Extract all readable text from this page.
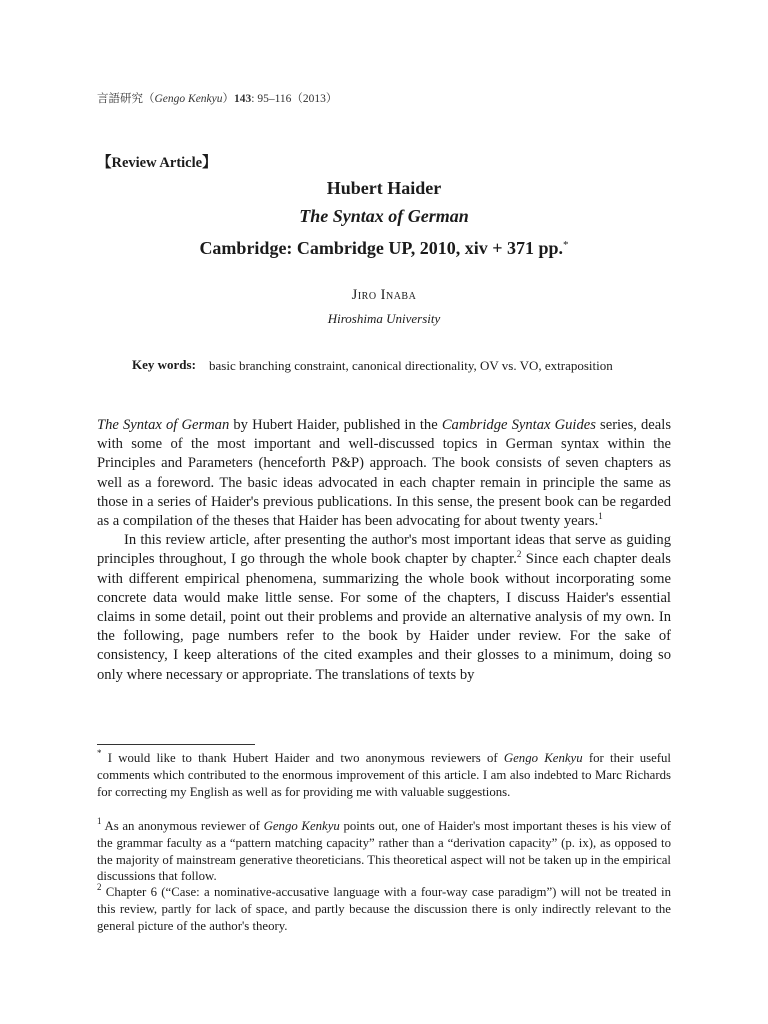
言語研究（Gengo Kenkyu）143: 95–116（2013）
【Review Article】
Hubert Haider
The Syntax of German
Cambridge: Cambridge UP, 2010, xiv + 371 pp.*
Jiro Inaba
Hiroshima University
Key words: basic branching constraint, canonical directionality, OV vs. VO, extraposition

The Syntax of German by Hubert Haider, published in the Cambridge Syntax Guides series, deals with some of the most important and well-discussed topics in German syntax within the Principles and Parameters (henceforth P&P) approach. The book consists of seven chapters as well as a foreword. The basic ideas advocated in each chapter remain in principle the same as those in a series of Haider's previous publications. In this sense, the present book can be regarded as a compilation of the theses that Haider has been advocating for about twenty years.$^1$

In this review article, after presenting the author's most important ideas that serve as guiding principles throughout, I go through the whole book chapter by chapter.$^2$ Since each chapter deals with different empirical phenomena, summarizing the whole book without incorporating some concrete data would make little sense. For some of the chapters, I discuss Haider's essential claims in some detail, point out their problems and provide an alternative analysis of my own. In the following, page numbers refer to the book by Haider under review. For the sake of consistency, I keep alterations of the cited examples and their glosses to a minimum, doing so only where necessary or appropriate. The translations of texts by

* I would like to thank Hubert Haider and two anonymous reviewers of Gengo Kenkyu for their useful comments which contributed to the enormous improvement of this article. I am also indebted to Marc Richards for correcting my English as well as for providing me with valuable suggestions.
$^1$ As an anonymous reviewer of Gengo Kenkyu points out, one of Haider's most important theses is his view of the grammar faculty as a “pattern matching capacity” rather than a “derivation capacity” (p. ix), as opposed to the majority of mainstream generative theoreticians. This theoretical aspect will not be taken up in the empirical discussions that follow.
$^2$ Chapter 6 (“Case: a nominative-accusative language with a four-way case paradigm”) will not be treated in this review, partly for lack of space, and partly because the discussion there is only indirectly relevant to the general picture of the author's theory.
